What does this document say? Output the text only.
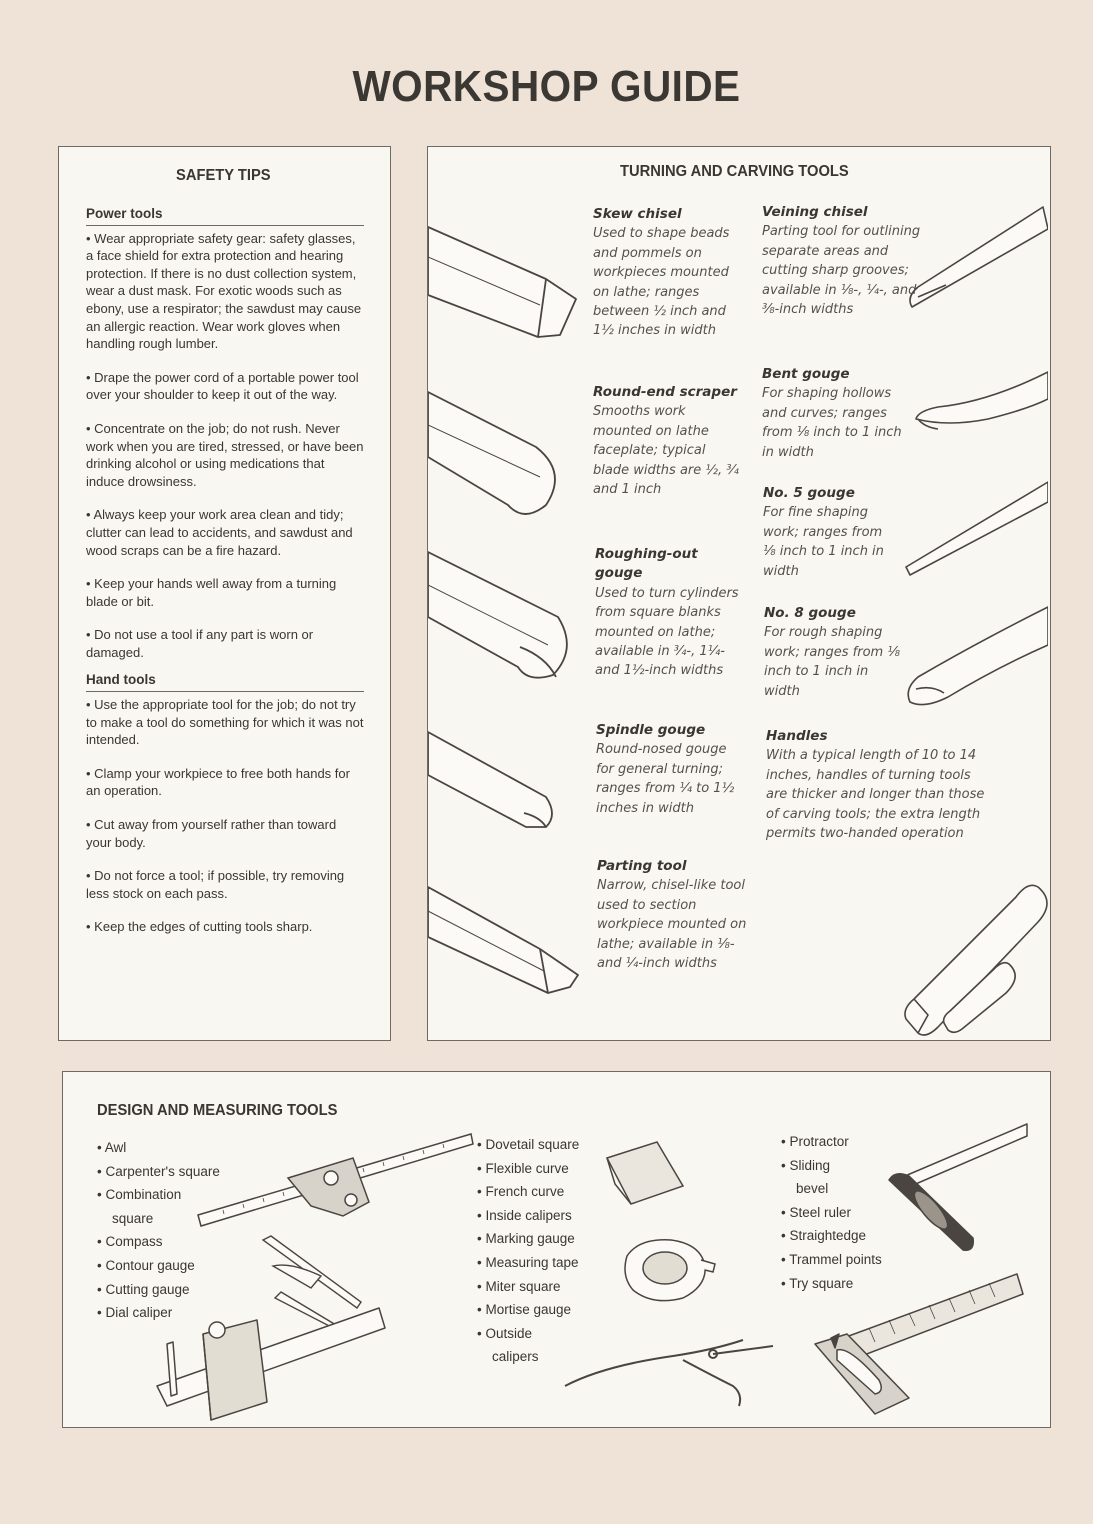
WORKSHOP GUIDE
SAFETY TIPS
Power tools

• Wear appropriate safety gear: safety glasses, a face shield for extra protection and hearing protection. If there is no dust collection system, wear a dust mask. For exotic woods such as ebony, use a respirator; the sawdust may cause an allergic reaction. Wear work gloves when handling rough lumber.

• Drape the power cord of a portable power tool over your shoulder to keep it out of the way.

• Concentrate on the job; do not rush. Never work when you are tired, stressed, or have been drinking alcohol or using medications that induce drowsiness.

• Always keep your work area clean and tidy; clutter can lead to accidents, and sawdust and wood scraps can be a fire hazard.

• Keep your hands well away from a turning blade or bit.

• Do not use a tool if any part is worn or damaged.

Hand tools

• Use the appropriate tool for the job; do not try to make a tool do something for which it was not intended.

• Clamp your workpiece to free both hands for an operation.

• Cut away from yourself rather than toward your body.

• Do not force a tool; if possible, try removing less stock on each pass.

• Keep the edges of cutting tools sharp.

TURNING AND CARVING TOOLS
Skew chisel
Used to shape beads and pommels on workpieces mounted on lathe; ranges between ½ inch and 1½ inches in width
Round-end scraper
Smooths work mounted on lathe faceplate; typical blade widths are ½, ¾ and 1 inch
Roughing-out gouge
Used to turn cylinders from square blanks mounted on lathe; available in ¾-, 1¼- and 1½-inch widths
Spindle gouge
Round-nosed gouge for general turning; ranges from ¼ to 1½ inches in width
Parting tool
Narrow, chisel-like tool used to section workpiece mounted on lathe; available in ⅛- and ¼-inch widths
Veining chisel
Parting tool for outlining separate areas and cutting sharp grooves; available in ⅛-, ¼-, and ⅜-inch widths
Bent gouge
For shaping hollows and curves; ranges from ⅛ inch to 1 inch in width
No. 5 gouge
For fine shaping work; ranges from ⅛ inch to 1 inch in width
No. 8 gouge
For rough shaping work; ranges from ⅛ inch to 1 inch in width
Handles
With a typical length of 10 to 14 inches, handles of turning tools are thicker and longer than those of carving tools; the extra length permits two-handed operation
DESIGN AND MEASURING TOOLS
• Awl
• Carpenter's square
• Combination
square
• Compass
• Contour gauge
• Cutting gauge
• Dial caliper
• Dovetail square
• Flexible curve
• French curve
• Inside calipers
• Marking gauge
• Measuring tape
• Miter square
• Mortise gauge
• Outside
calipers
• Protractor
• Sliding
bevel
• Steel ruler
• Straightedge
• Trammel points
• Try square
